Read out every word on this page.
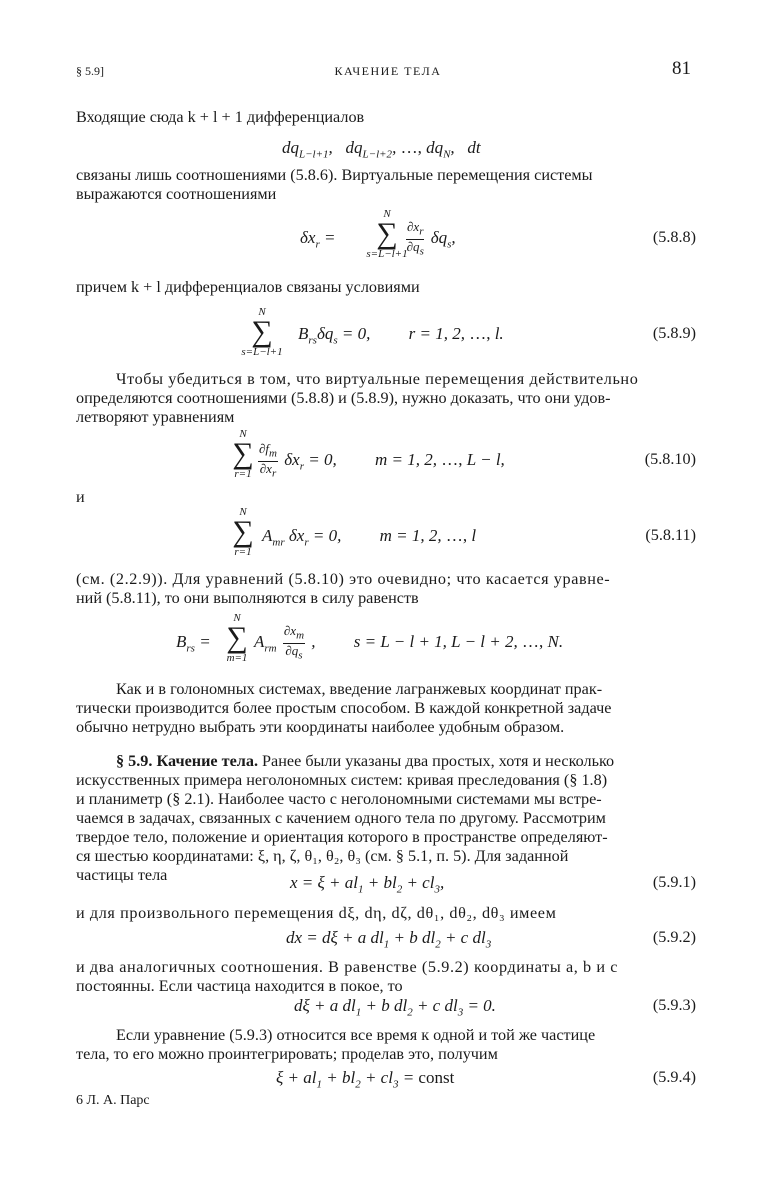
§ 5.9]	КАЧЕНИЕ ТЕЛА	81
Входящие сюда k + l + 1 дифференциалов
$dq_{L-l+1}$,   $dq_{L-l+2}$, …, $dq_N$,   dt
связаны лишь соотношениями (5.8.6). Виртуальные перемещения системы
выражаются соотношениями
$\delta x_r$ =
N
∑
s=L−l+1
$\frac{\partial x_r}{\partial q_s} \delta q_s$,	(5.8.8)
причем k + l дифференциалов связаны условиями
N
∑
s=L−l+1
$B_{rs}\delta q_s = 0$,         r = 1, 2, …, l.	(5.8.9)
Чтобы убедиться в том, что виртуальные перемещения действительно
определяются соотношениями (5.8.8) и (5.8.9), нужно доказать, что они удов-
летворяют уравнениям
N
∑
$r=1 \frac{\partial f_m}{\partial x_r} \delta x_r = 0$,         m = 1, 2, …, L − l,	(5.8.10)
и
N
∑
r=1
$A_{mr}$ $\delta x_r = 0$,         m = 1, 2, …, l	(5.8.11)
(см. (2.2.9)). Для уравнений (5.8.10) это очевидно; что касается уравне-
ний (5.8.11), то они выполняются в силу равенств
$B_{rs}$ =
N
∑
m=1
$A_{rm} \frac{\partial x_m}{\partial q_s}$ ,         s = L − l + 1, L − l + 2, …, N.
Как и в голономных системах, введение лагранжевых координат прак-
тически производится более простым способом. В каждой конкретной задаче
обычно нетрудно выбрать эти координаты наиболее удобным образом.
§ 5.9. Качение тела. Ранее были указаны два простых, хотя и несколько
искусственных примера неголономных систем: кривая преследования (§ 1.8)
и планиметр (§ 2.1). Наиболее часто с неголономными системами мы встре-
чаемся в задачах, связанных с качением одного тела по другому. Рассмотрим
твердое тело, положение и ориентация которого в пространстве определяют-
ся шестью координатами: ξ, η, ζ, θ₁, θ₂, θ₃ (см. § 5.1, п. 5). Для заданной
частицы тела	$x = \xi + al_1 + bl_2 + cl_3$,	(5.9.1)
и для произвольного перемещения dξ, dη, dζ, dθ₁, dθ₂, dθ₃ имеем
dx = dξ + a $dl_1 + b$ $dl_2 + c$ $dl_3$	(5.9.2)
и два аналогичных соотношения. В равенстве (5.9.2) координаты a, b и c
постоянны. Если частица находится в покое, то
dξ + a $dl_1 + b$ $dl_2 + c$ $dl_3 = 0$.	(5.9.3)
Если уравнение (5.9.3) относится все время к одной и той же частице
тела, то его можно проинтегрировать; проделав это, получим
$\xi + al_1 + bl_2 + cl_3$ = const	(5.9.4)
6 Л. А. Парс
